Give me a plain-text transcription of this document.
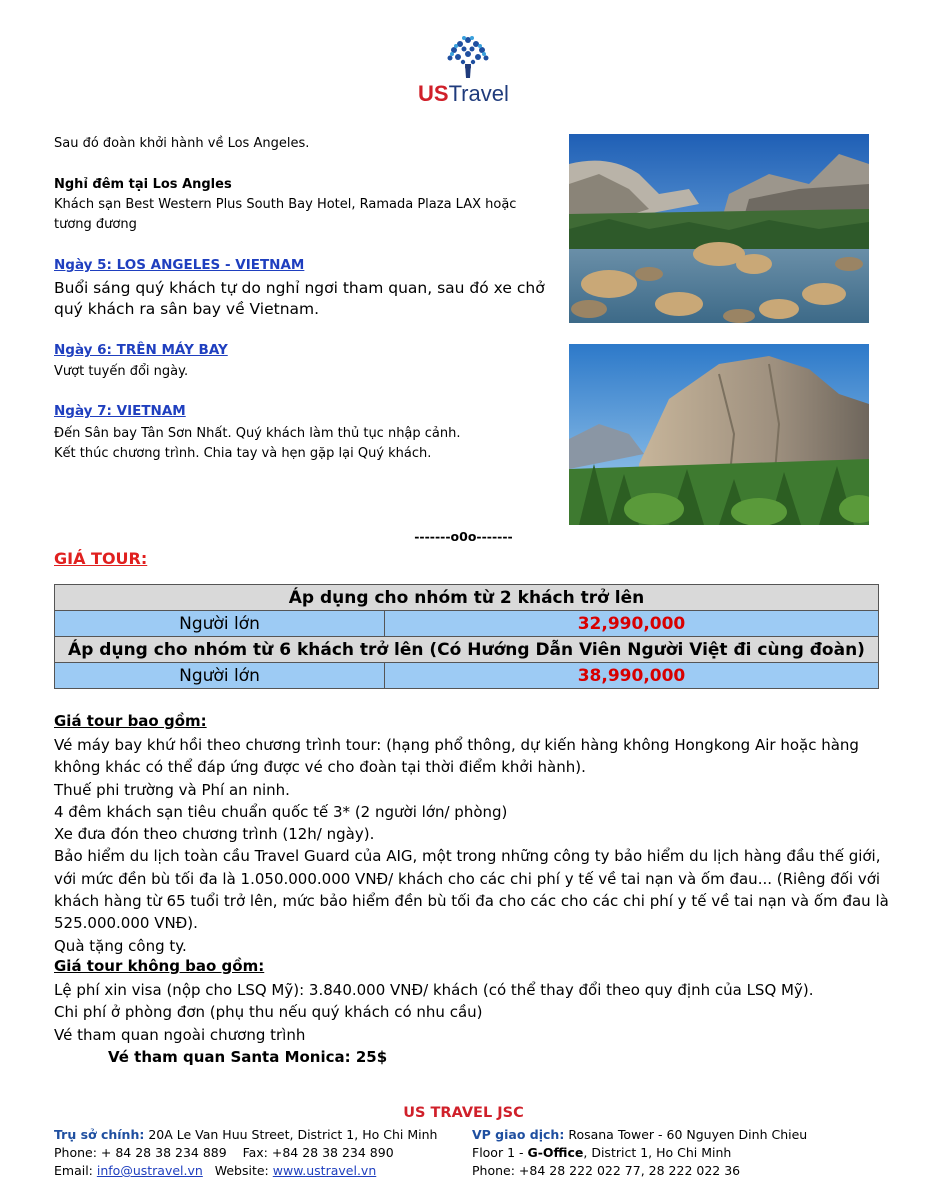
USTravel
Sau đó đoàn khởi hành về Los Angeles.
Nghỉ đêm tại Los Angles
Khách sạn Best Western Plus South Bay Hotel, Ramada Plaza LAX hoặc
tương đương
Ngày 5: LOS ANGELES - VIETNAM
Buổi sáng quý khách tự do nghỉ ngơi tham quan, sau đó xe chở
quý khách ra sân bay về Vietnam.
Ngày 6: TRÊN MÁY BAY
Vượt tuyến đổi ngày.
Ngày 7: VIETNAM
Đến Sân bay Tân Sơn Nhất. Quý khách làm thủ tục nhập cảnh.
Kết thúc chương trình. Chia tay và hẹn gặp lại Quý khách.
-------o0o-------
GIÁ TOUR:
Áp dụng cho nhóm từ 2 khách trở lên	
Người lớn	32,990,000
Áp dụng cho nhóm từ 6 khách trở lên (Có Hướng Dẫn Viên Người Việt đi cùng đoàn)	
Người lớn	38,990,000
Giá tour bao gồm:
Vé máy bay khứ hồi theo chương trình tour: (hạng phổ thông, dự kiến hàng không Hongkong Air hoặc hàng
không khác có thể đáp ứng được vé cho đoàn tại thời điểm khởi hành).
Thuế phi trường và Phí an ninh.
4 đêm khách sạn tiêu chuẩn quốc tế 3* (2 người lớn/ phòng)
Xe đưa đón theo chương trình (12h/ ngày).
Bảo hiểm du lịch toàn cầu Travel Guard của AIG, một trong những công ty bảo hiểm du lịch hàng đầu thế giới,
với mức đền bù tối đa là 1.050.000.000 VNĐ/ khách cho các chi phí y tế về tai nạn và ốm đau... (Riêng đối với
khách hàng từ 65 tuổi trở lên, mức bảo hiểm đền bù tối đa cho các cho các chi phí y tế về tai nạn và ốm đau là
525.000.000 VNĐ).
Quà tặng công ty.
Giá tour không bao gồm:
Lệ phí xin visa (nộp cho LSQ Mỹ): 3.840.000 VNĐ/ khách (có thể thay đổi theo quy định của LSQ Mỹ).
Chi phí ở phòng đơn (phụ thu nếu quý khách có nhu cầu)
Vé tham quan ngoài chương trình
Vé tham quan Santa Monica: 25$
US TRAVEL JSC
Trụ sở chính: 20A Le Van Huu Street, District 1, Ho Chi Minh
Phone: + 84 28 38 234 889    Fax: +84 28 38 234 890
Email: info@ustravel.vn   Website: www.ustravel.vn
VP giao dịch: Rosana Tower - 60 Nguyen Dinh Chieu
Floor 1 - G-Office, District 1, Ho Chi Minh
Phone: +84 28 222 022 77, 28 222 022 36
